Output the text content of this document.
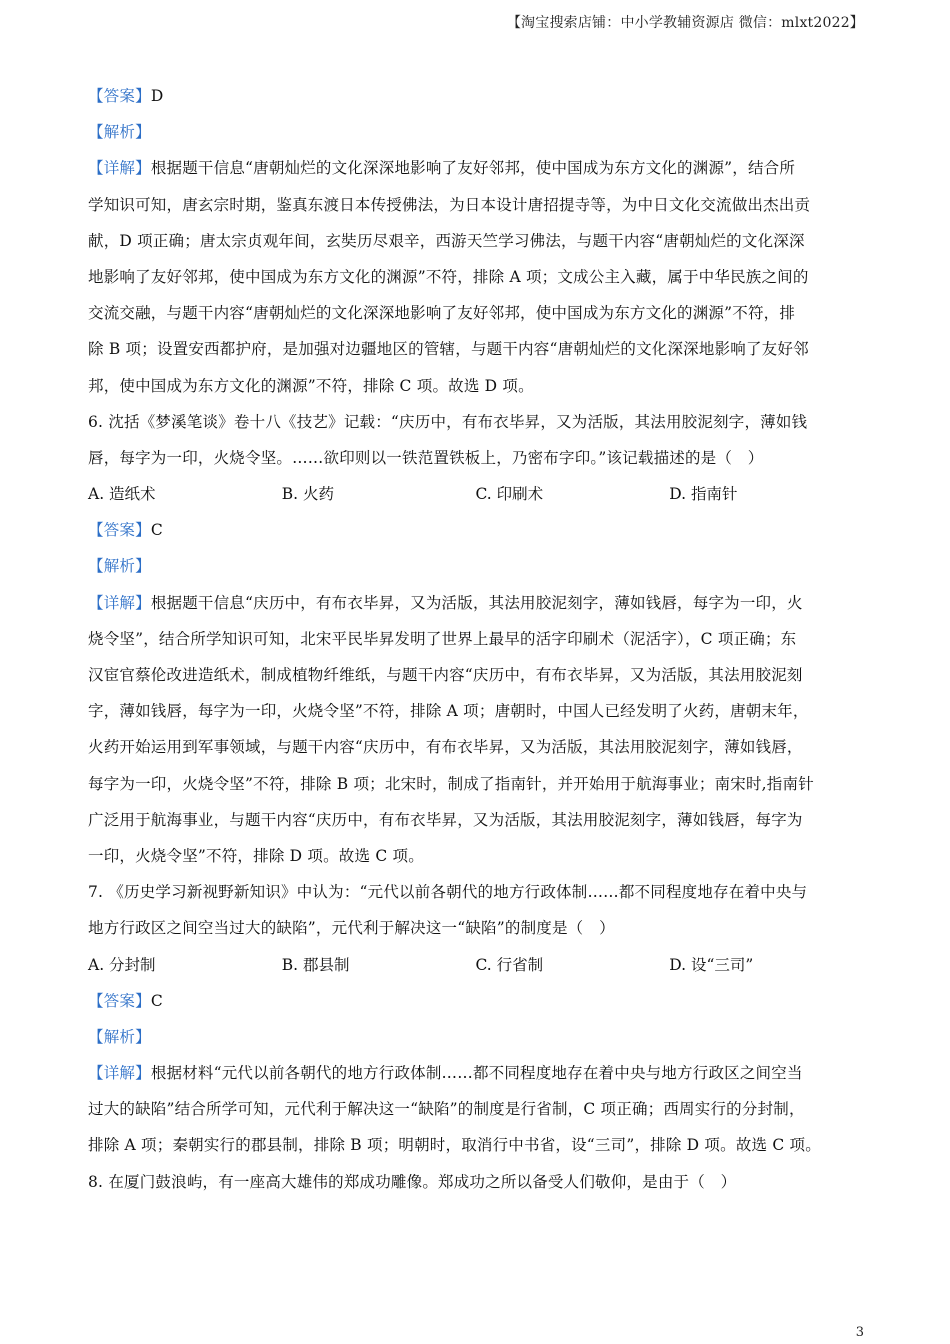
【淘宝搜索店铺：中小学教辅资源店 微信：mlxt2022】
【答案】D
【解析】
【详解】根据题干信息“唐朝灿烂的文化深深地影响了友好邻邦，使中国成为东方文化的渊源”，结合所
学知识可知，唐玄宗时期，鉴真东渡日本传授佛法，为日本设计唐招提寺等，为中日文化交流做出杰出贡
献，D 项正确；唐太宗贞观年间，玄奘历尽艰辛，西游天竺学习佛法，与题干内容“唐朝灿烂的文化深深
地影响了友好邻邦，使中国成为东方文化的渊源”不符，排除 A 项；文成公主入藏，属于中华民族之间的
交流交融，与题干内容“唐朝灿烂的文化深深地影响了友好邻邦，使中国成为东方文化的渊源”不符，排
除 B 项；设置安西都护府，是加强对边疆地区的管辖，与题干内容“唐朝灿烂的文化深深地影响了友好邻
邦，使中国成为东方文化的渊源”不符，排除 C 项。故选 D 项。
6. 沈括《梦溪笔谈》卷十八《技艺》记载：“庆历中，有布衣毕昇，又为活版，其法用胶泥刻字，薄如钱
唇，每字为一印，火烧令坚。……欲印则以一铁范置铁板上，乃密布字印。”该记载描述的是（　）
A. 造纸术	B. 火药	C. 印刷术	D. 指南针
【答案】C
【解析】
【详解】根据题干信息“庆历中，有布衣毕昇，又为活版，其法用胶泥刻字，薄如钱唇，每字为一印，火
烧令坚”，结合所学知识可知，北宋平民毕昇发明了世界上最早的活字印刷术（泥活字），C 项正确；东
汉宦官蔡伦改进造纸术，制成植物纤维纸，与题干内容“庆历中，有布衣毕昇，又为活版，其法用胶泥刻
字，薄如钱唇，每字为一印，火烧令坚”不符，排除 A 项；唐朝时，中国人已经发明了火药，唐朝末年，
火药开始运用到军事领域，与题干内容“庆历中，有布衣毕昇，又为活版，其法用胶泥刻字，薄如钱唇，
每字为一印，火烧令坚”不符，排除 B 项；北宋时，制成了指南针，并开始用于航海事业；南宋时,指南针
广泛用于航海事业，与题干内容“庆历中，有布衣毕昇，又为活版，其法用胶泥刻字，薄如钱唇，每字为
一印，火烧令坚”不符，排除 D 项。故选 C 项。
7. 《历史学习新视野新知识》中认为：“元代以前各朝代的地方行政体制……都不同程度地存在着中央与
地方行政区之间空当过大的缺陷”，元代利于解决这一“缺陷”的制度是（　）
A. 分封制	B. 郡县制	C. 行省制	D. 设“三司”
【答案】C
【解析】
【详解】根据材料“元代以前各朝代的地方行政体制……都不同程度地存在着中央与地方行政区之间空当
过大的缺陷”结合所学可知，元代利于解决这一“缺陷”的制度是行省制，C 项正确；西周实行的分封制，
排除 A 项；秦朝实行的郡县制，排除 B 项；明朝时，取消行中书省，设“三司”，排除 D 项。故选 C 项。
8. 在厦门鼓浪屿，有一座高大雄伟的郑成功雕像。郑成功之所以备受人们敬仰，是由于（　）
3
